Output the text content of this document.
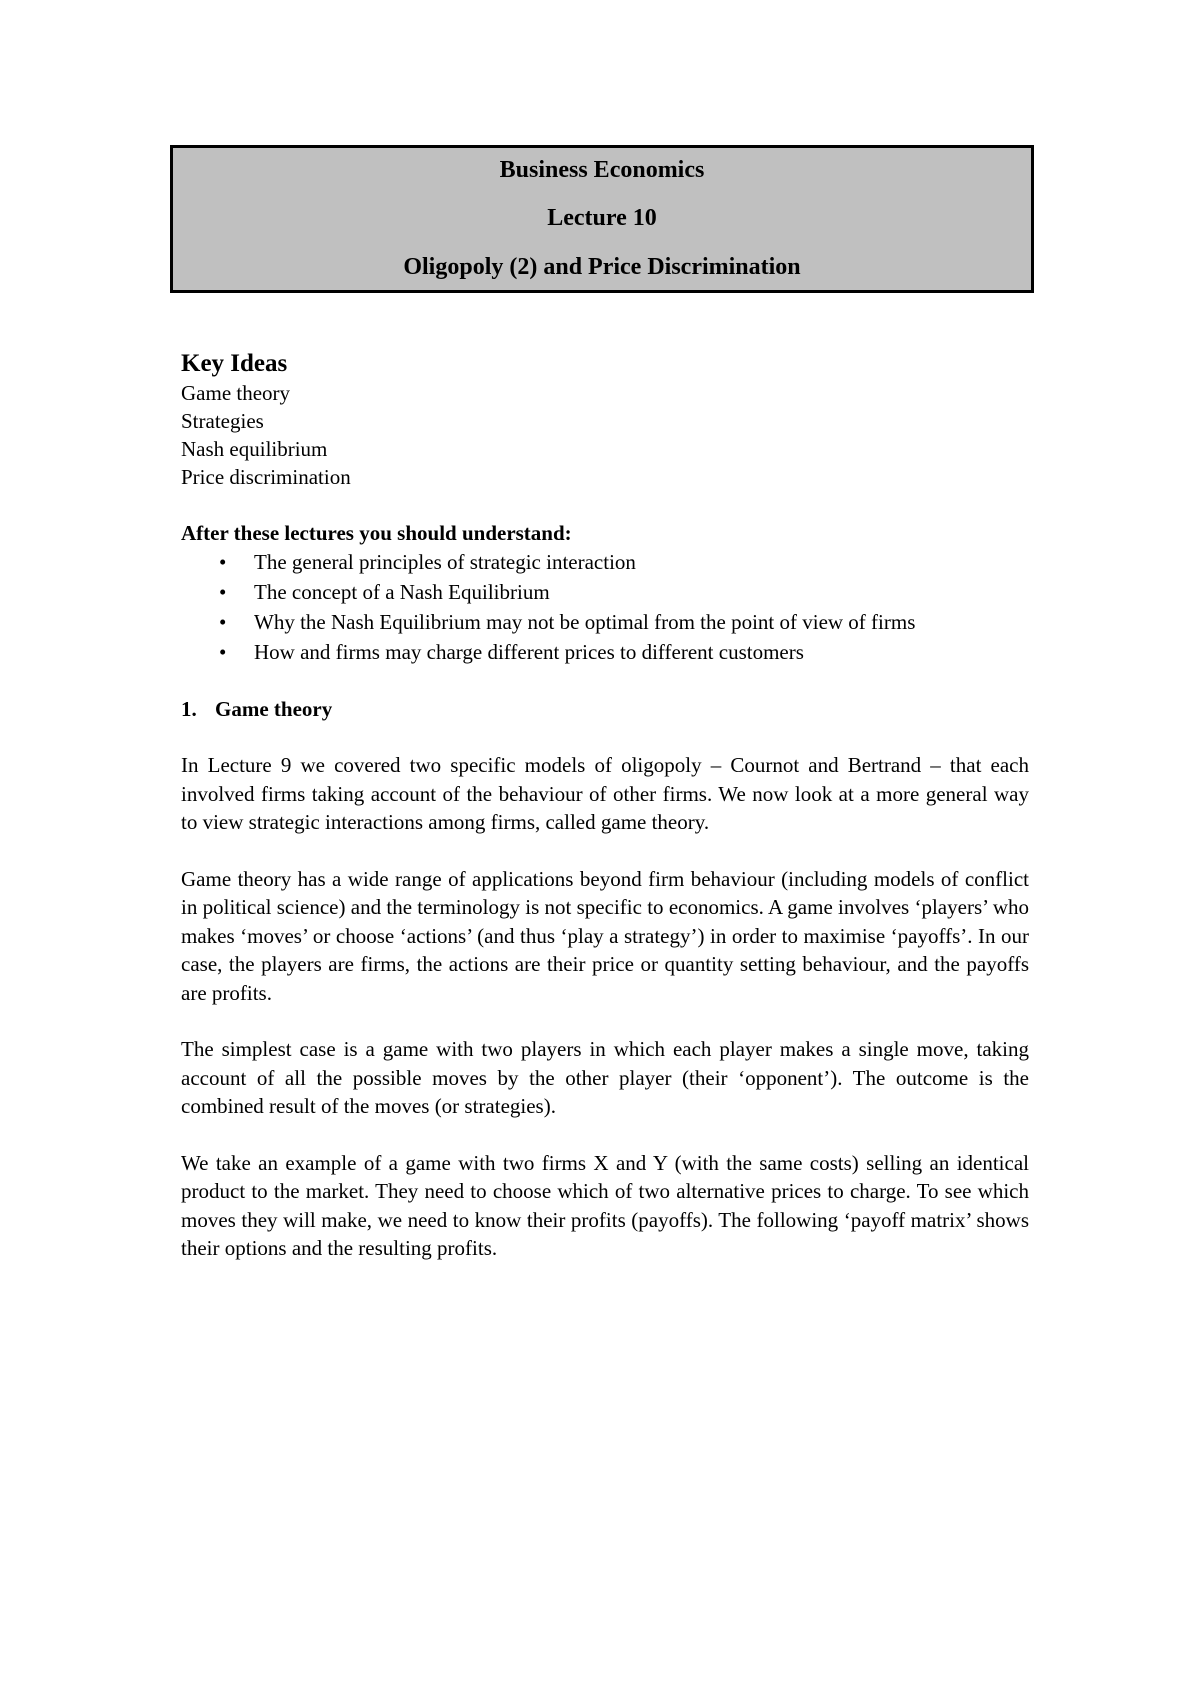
Business Economics
Lecture 10
Oligopoly (2) and Price Discrimination
Key Ideas
Game theory
Strategies
Nash equilibrium
Price discrimination

After these lectures you should understand:

• The general principles of strategic interaction
• The concept of a Nash Equilibrium
• Why the Nash Equilibrium may not be optimal from the point of view of firms
• How and firms may charge different prices to different customers

1. Game theory

In Lecture 9 we covered two specific models of oligopoly – Cournot and Bertrand – that each involved firms taking account of the behaviour of other firms. We now look at a more general way to view strategic interactions among firms, called game theory.

Game theory has a wide range of applications beyond firm behaviour (including models of conflict in political science) and the terminology is not specific to economics. A game involves ‘players’ who makes ‘moves’ or choose ‘actions’ (and thus ‘play a strategy’) in order to maximise ‘payoffs’. In our case, the players are firms, the actions are their price or quantity setting behaviour, and the payoffs are profits.

The simplest case is a game with two players in which each player makes a single move, taking account of all the possible moves by the other player (their ‘opponent’). The outcome is the combined result of the moves (or strategies).

We take an example of a game with two firms X and Y (with the same costs) selling an identical product to the market. They need to choose which of two alternative prices to charge. To see which moves they will make, we need to know their profits (payoffs). The following ‘payoff matrix’ shows their options and the resulting profits.
